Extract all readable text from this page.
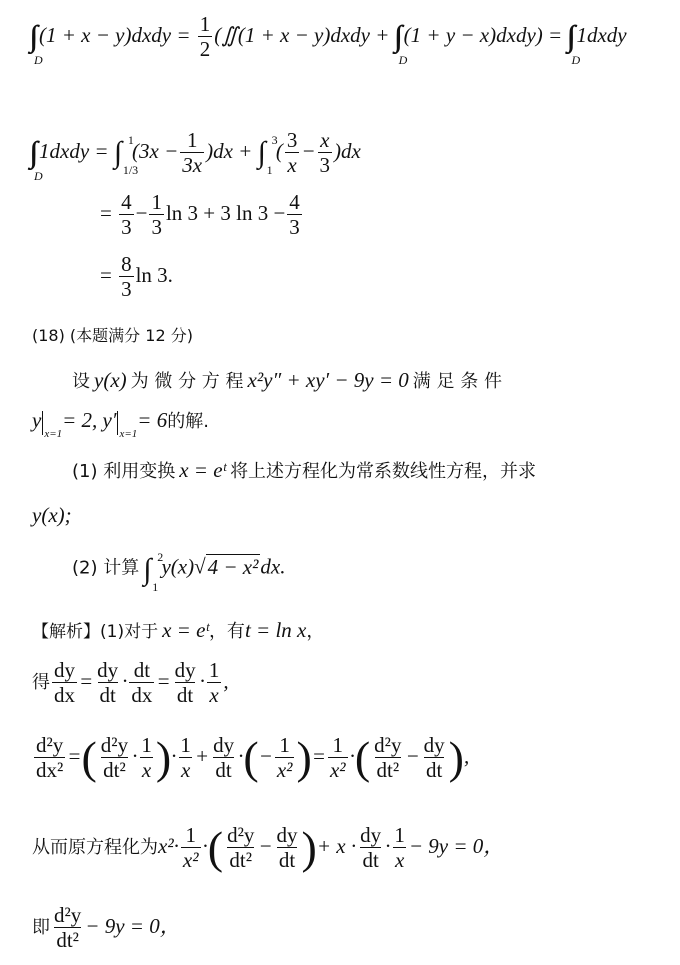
D
(1 + x − y)dxdy = $\frac{1}{2}$ (∬(1 + x − y)dxdy +
D
(1 + y − x)dxdy) =
D
1dxdy
D
1dxdy = ∫ 1
1/3
$(3x - \frac{1}{3x} )dx$ + ∫ 3
1
( $\frac{3}{x} - \frac{x}{3} )dx$
= $\frac{4}{3} - \frac{1}{3}$ ln 3 + 3 $\ln 3 - \frac{4}{3}$
= $\frac{8}{3}$ ln 3.
(18) (本题满分 12 分)
设 y(x) 为 微 分 方 程 x²y″ + xy′ − 9y = 0 满 足 条 件
$y_{x=1}= 2$, $y'_{x=1}= 6$的解.
(1) 利用变换 x = eᵗ 将上述方程化为常系数线性方程，并求
y(x);
(2) 计算 ∫ 2
1
y(x)√4 − x²dx.
【解析】(1)对于 x = eᵗ，有t = ln x，
得 $\frac{dy}{dx} = \frac{dy}{dt} \cdot \frac{dt}{dx} = \frac{dy}{dt} \cdot \frac{1}{x}$ ,
$\frac{\text{d²y}}{\text{dx²}}$ =( $\frac{\text{d²y}}{\text{dt²}} \cdot \frac{1}{x}$ )· $\frac{1}{x} + \frac{dy}{dt}$ ·(− $\frac{1}{\text{x²}}$ )= $\frac{1}{\text{x²}}$ ·( $\frac{\text{d²y}}{\text{dt²}} - \frac{dy}{dt}$ ),
从而原方程化为$x^2\cdot \frac{1}{\text{x²}}$ ·( $\frac{\text{d²y}}{\text{dt²}} - \frac{dy}{dt}$ )+ $x \cdot \frac{dy}{dt} \cdot \frac{1}{x} - 9y = 0$，
即 $\frac{\text{d²y}}{\text{dt²}} - 9y = 0$，
